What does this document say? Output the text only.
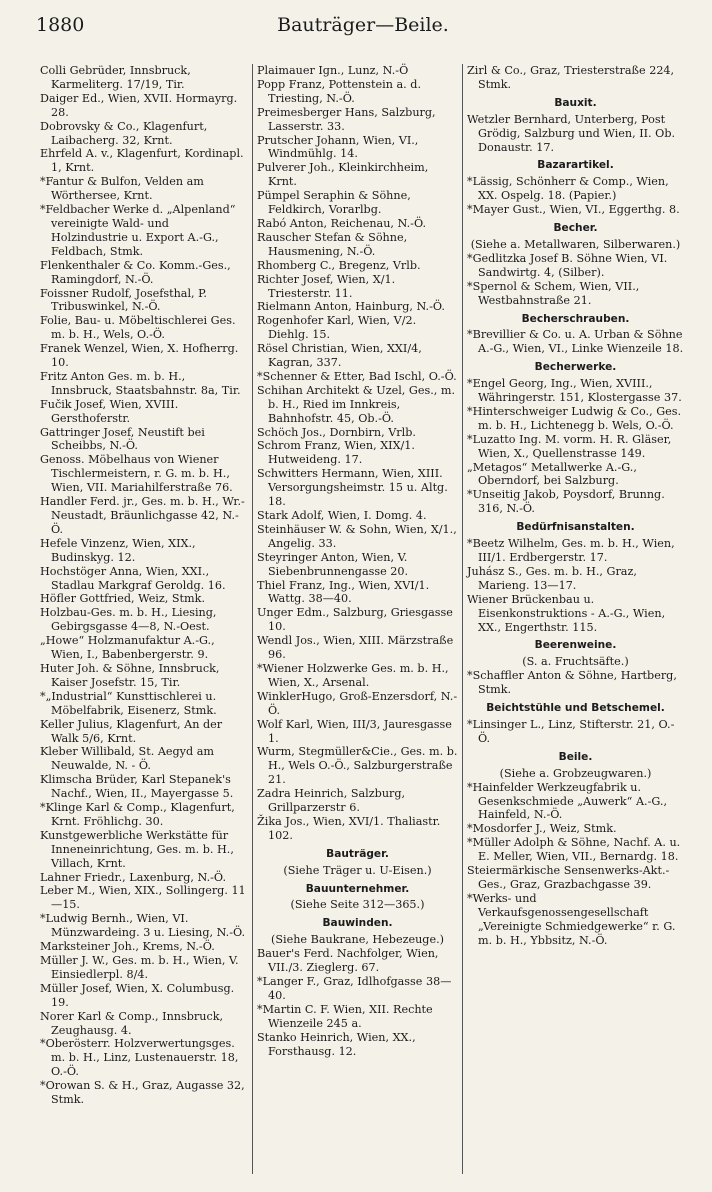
1880	Bauträger—Beile.
Colli Gebrüder, Innsbruck, Karmeliterg. 17/19, Tir.
Daiger Ed., Wien, XVII. Hormayrg. 28.
Dobrovsky & Co., Klagenfurt, Laibacherg. 32, Krnt.
Ehrfeld A. v., Klagenfurt, Kordinapl. 1, Krnt.
*Fantur & Bulfon, Velden am Wörthersee, Krnt.
*Feldbacher Werke d. „Alpenland“ vereinigte Wald- und Holzindustrie u. Export A.-G., Feldbach, Stmk.
Flenkenthaler & Co. Komm.-Ges., Ramingdorf, N.-Ö.
Foissner Rudolf, Josefsthal, P. Tribuswinkel, N.-Ö.
Folie, Bau- u. Möbeltischlerei Ges. m. b. H., Wels, O.-Ö.
Franek Wenzel, Wien, X. Hofherrg. 10.
Fritz Anton Ges. m. b. H., Innsbruck, Staatsbahnstr. 8a, Tir.
Fučik Josef, Wien, XVIII. Gersthoferstr.
Gattringer Josef, Neustift bei Scheibbs, N.-Ö.
Genoss. Möbelhaus von Wiener Tischlermeistern, r. G. m. b. H., Wien, VII. Mariahilferstraße 76.
Handler Ferd. jr., Ges. m. b. H., Wr.-Neustadt, Bräunlichgasse 42, N.-Ö.
Hefele Vinzenz, Wien, XIX., Budinskyg. 12.
Hochstöger Anna, Wien, XXI., Stadlau Markgraf Geroldg. 16.
Höfler Gottfried, Weiz, Stmk.
Holzbau-Ges. m. b. H., Liesing, Gebirgsgasse 4—8, N.-Oest.
„Howe“ Holzmanufaktur A.-G., Wien, I., Babenbergerstr. 9.
Huter Joh. & Söhne, Innsbruck, Kaiser Josefstr. 15, Tir.
*„Industrial“ Kunsttischlerei u. Möbelfabrik, Eisenerz, Stmk.
Keller Julius, Klagenfurt, An der Walk 5/6, Krnt.
Kleber Willibald, St. Aegyd am Neuwalde, N. - Ö.
Klimscha Brüder, Karl Stepanek's Nachf., Wien, II., Mayergasse 5.
*Klinge Karl & Comp., Klagenfurt, Krnt. Fröhlichg. 30.
Kunstgewerbliche Werkstätte für Inneneinrichtung, Ges. m. b. H., Villach, Krnt.
Lahner Friedr., Laxenburg, N.-Ö.
Leber M., Wien, XIX., Sollingerg. 11—15.
*Ludwig Bernh., Wien, VI. Münzwardeing. 3 u. Liesing, N.-Ö.
Marksteiner Joh., Krems, N.-Ö.
Müller J. W., Ges. m. b. H., Wien, V. Einsiedlerpl. 8/4.
Müller Josef, Wien, X. Columbusg. 19.
Norer Karl & Comp., Innsbruck, Zeughausg. 4.
*Oberösterr. Holzverwertungsges. m. b. H., Linz, Lustenauerstr. 18, O.-Ö.
*Orowan S. & H., Graz, Augasse 32, Stmk.
Plaimauer Ign., Lunz, N.-Ö
Popp Franz, Pottenstein a. d. Triesting, N.-Ö.
Preimesberger Hans, Salzburg, Lasserstr. 33.
Prutscher Johann, Wien, VI., Windmühlg. 14.
Pulverer Joh., Kleinkirchheim, Krnt.
Pümpel Seraphin & Söhne, Feldkirch, Vorarlbg.
Rabó Anton, Reichenau, N.-Ö.
Rauscher Stefan & Söhne, Hausmening, N.-Ö.
Rhomberg C., Bregenz, Vrlb.
Richter Josef, Wien, X/1. Triesterstr. 11.
Rielmann Anton, Hainburg, N.-Ö.
Rogenhofer Karl, Wien, V/2. Diehlg. 15.
Rösel Christian, Wien, XXI/4, Kagran, 337.
*Schenner & Etter, Bad Ischl, O.-Ö.
Schihan Architekt & Uzel, Ges., m. b. H., Ried im Innkreis, Bahnhofstr. 45, Ob.-Ö.
Schöch Jos., Dornbirn, Vrlb.
Schrom Franz, Wien, XIX/1. Hutweideng. 17.
Schwitters Hermann, Wien, XIII. Versorgungsheimstr. 15 u. Altg. 18.
Stark Adolf, Wien, I. Domg. 4.
Steinhäuser W. & Sohn, Wien, X/1., Angelig. 33.
Steyringer Anton, Wien, V. Siebenbrunnengasse 20.
Thiel Franz, Ing., Wien, XVI/1. Wattg. 38—40.
Unger Edm., Salzburg, Griesgasse 10.
Wendl Jos., Wien, XIII. Märzstraße 96.
*Wiener Holzwerke Ges. m. b. H., Wien, X., Arsenal.
WinklerHugo, Groß-Enzersdorf, N.-Ö.
Wolf Karl, Wien, III/3, Jauresgasse 1.
Wurm, Stegmüller&Cie., Ges. m. b. H., Wels O.-Ö., Salzburgerstraße 21.
Zadra Heinrich, Salzburg, Grillparzerstr 6.
Žika Jos., Wien, XVI/1. Thaliastr. 102.
Bauträger.
(Siehe Träger u. U-Eisen.)
Bauunternehmer.
(Siehe Seite 312—365.)
Bauwinden.
(Siehe Baukrane, Hebezeuge.)
Bauer's Ferd. Nachfolger, Wien, VII./3. Zieglerg. 67.
*Langer F., Graz, Idlhofgasse 38—40.
*Martin C. F. Wien, XII. Rechte Wienzeile 245 a.
Stanko Heinrich, Wien, XX., Forsthausg. 12.
Zirl & Co., Graz, Triesterstraße 224, Stmk.
Bauxit.
Wetzler Bernhard, Unterberg, Post Grödig, Salzburg und Wien, II. Ob. Donaustr. 17.
Bazarartikel.
*Lässig, Schönherr & Comp., Wien, XX. Ospelg. 18. (Papier.)
*Mayer Gust., Wien, VI., Eggerthg. 8.
Becher.
(Siehe a. Metallwaren, Silberwaren.)
*Gedlitzka Josef B. Söhne Wien, VI. Sandwirtg. 4, (Silber).
*Spernol & Schem, Wien, VII., Westbahnstraße 21.
Becherschrauben.
*Brevillier & Co. u. A. Urban & Söhne A.-G., Wien, VI., Linke Wienzeile 18.
Becherwerke.
*Engel Georg, Ing., Wien, XVIII., Währingerstr. 151, Klostergasse 37.
*Hinterschweiger Ludwig & Co., Ges. m. b. H., Lichtenegg b. Wels, O.-Ö.
*Luzatto Ing. M. vorm. H. R. Gläser, Wien, X., Quellenstrasse 149.
„Metagos“ Metallwerke A.-G., Oberndorf, bei Salzburg.
*Unseitig Jakob, Poysdorf, Brunng. 316, N.-Ö.
Bedürfnisanstalten.
*Beetz Wilhelm, Ges. m. b. H., Wien, III/1. Erdbergerstr. 17.
Juhász S., Ges. m. b. H., Graz, Marieng. 13—17.
Wiener Brückenbau u. Eisenkonstruktions - A.-G., Wien, XX., Engerthstr. 115.
Beerenweine.
(S. a. Fruchtsäfte.)
*Schaffler Anton & Söhne, Hartberg, Stmk.
Beichtstühle und Betschemel.
*Linsinger L., Linz, Stifterstr. 21, O.-Ö.
Beile.
(Siehe a. Grobzeugwaren.)
*Hainfelder Werkzeugfabrik u. Gesenkschmiede „Auwerk“ A.-G., Hainfeld, N.-Ö.
*Mosdorfer J., Weiz, Stmk.
*Müller Adolph & Söhne, Nachf. A. u. E. Meller, Wien, VII., Bernardg. 18.
Steiermärkische Sensenwerks-Akt.-Ges., Graz, Grazbachgasse 39.
*Werks- und Verkaufsgenossengesellschaft „Vereinigte Schmiedgewerke“ r. G. m. b. H., Ybbsitz, N.-Ö.
